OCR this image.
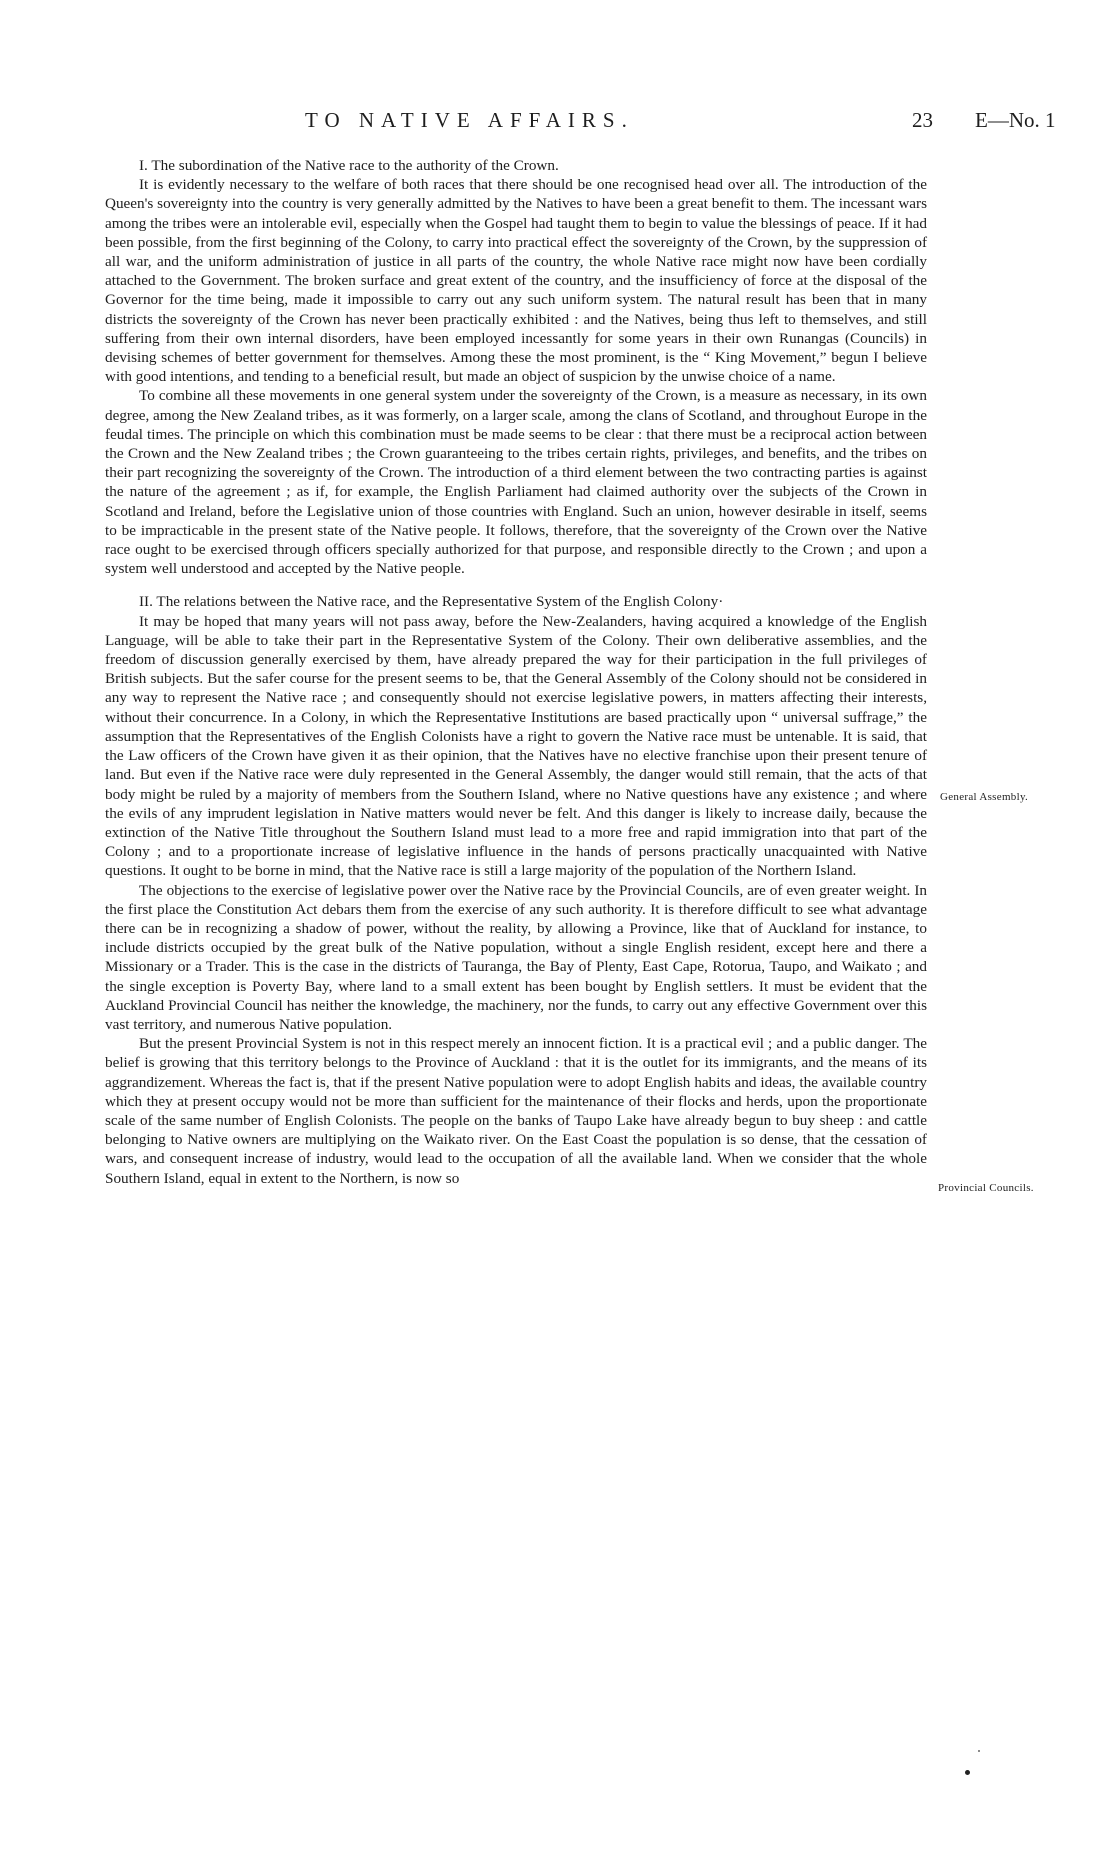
TO NATIVE AFFAIRS.	23 E—No. 1

I. The subordination of the Native race to the authority of the Crown.

It is evidently necessary to the welfare of both races that there should be one recognised head over all. The introduction of the Queen's sovereignty into the country is very generally admitted by the Natives to have been a great benefit to them. The incessant wars among the tribes were an intolerable evil, especially when the Gospel had taught them to begin to value the blessings of peace. If it had been possible, from the first beginning of the Colony, to carry into practical effect the sovereignty of the Crown, by the suppression of all war, and the uniform administration of justice in all parts of the country, the whole Native race might now have been cordially attached to the Government. The broken surface and great extent of the country, and the insufficiency of force at the disposal of the Governor for the time being, made it impossible to carry out any such uniform system. The natural result has been that in many districts the sovereignty of the Crown has never been practically exhibited : and the Natives, being thus left to themselves, and still suffering from their own internal disorders, have been employed incessantly for some years in their own Runangas (Councils) in devising schemes of better government for themselves. Among these the most prominent, is the “ King Movement,” begun I believe with good intentions, and tending to a beneficial result, but made an object of suspicion by the unwise choice of a name.

To combine all these movements in one general system under the sovereignty of the Crown, is a measure as necessary, in its own degree, among the New Zealand tribes, as it was formerly, on a larger scale, among the clans of Scotland, and throughout Europe in the feudal times. The principle on which this combination must be made seems to be clear : that there must be a reciprocal action between the Crown and the New Zealand tribes ; the Crown guaranteeing to the tribes certain rights, privileges, and benefits, and the tribes on their part recognizing the sovereignty of the Crown. The introduction of a third element between the two contracting parties is against the nature of the agreement ; as if, for example, the English Parliament had claimed authority over the subjects of the Crown in Scotland and Ireland, before the Legislative union of those countries with England. Such an union, however desirable in itself, seems to be impracticable in the present state of the Native people. It follows, therefore, that the sovereignty of the Crown over the Native race ought to be exercised through officers specially authorized for that purpose, and responsible directly to the Crown ; and upon a system well understood and accepted by the Native people.

II. The relations between the Native race, and the Representative System of the English Colony·

It may be hoped that many years will not pass away, before the New-Zealanders, having acquired a knowledge of the English Language, will be able to take their part in the Representative System of the Colony. Their own deliberative assemblies, and the freedom of discussion generally exercised by them, have already prepared the way for their participation in the full privileges of British subjects. But the safer course for the present seems to be, that the General Assembly of the Colony should not be considered in any way to represent the Native race ; and consequently should not exercise legislative powers, in matters affecting their interests, without their concurrence. In a Colony, in which the Representative Institutions are based practically upon “ universal suffrage,” the assumption that the Representatives of the English Colonists have a right to govern the Native race must be untenable. It is said, that the Law officers of the Crown have given it as their opinion, that the Natives have no elective franchise upon their present tenure of land. But even if the Native race were duly represented in the General Assembly, the danger would still remain, that the acts of that body might be ruled by a majority of members from the Southern Island, where no Native questions have any existence ; and where the evils of any imprudent legislation in Native matters would never be felt. And this danger is likely to increase daily, because the extinction of the Native Title throughout the Southern Island must lead to a more free and rapid immigration into that part of the Colony ; and to a proportionate increase of legislative influence in the hands of persons practically unacquainted with Native questions. It ought to be borne in mind, that the Native race is still a large majority of the population of the Northern Island.

The objections to the exercise of legislative power over the Native race by the Provincial Councils, are of even greater weight. In the first place the Constitution Act debars them from the exercise of any such authority. It is therefore difficult to see what advantage there can be in recognizing a shadow of power, without the reality, by allowing a Province, like that of Auckland for instance, to include districts occupied by the great bulk of the Native population, without a single English resident, except here and there a Missionary or a Trader. This is the case in the districts of Tauranga, the Bay of Plenty, East Cape, Rotorua, Taupo, and Waikato ; and the single exception is Poverty Bay, where land to a small extent has been bought by English settlers. It must be evident that the Auckland Provincial Council has neither the knowledge, the machinery, nor the funds, to carry out any effective Government over this vast territory, and numerous Native population.

But the present Provincial System is not in this respect merely an innocent fiction. It is a practical evil ; and a public danger. The belief is growing that this territory belongs to the Province of Auckland : that it is the outlet for its immigrants, and the means of its aggrandizement. Whereas the fact is, that if the present Native population were to adopt English habits and ideas, the available country which they at present occupy would not be more than sufficient for the maintenance of their flocks and herds, upon the proportionate scale of the same number of English Colonists. The people on the banks of Taupo Lake have already begun to buy sheep : and cattle belonging to Native owners are multiplying on the Waikato river. On the East Coast the population is so dense, that the cessation of wars, and consequent increase of industry, would lead to the occupation of all the available land. When we consider that the whole Southern Island, equal in extent to the Northern, is now so

General Assembly.
Provincial Councils.
